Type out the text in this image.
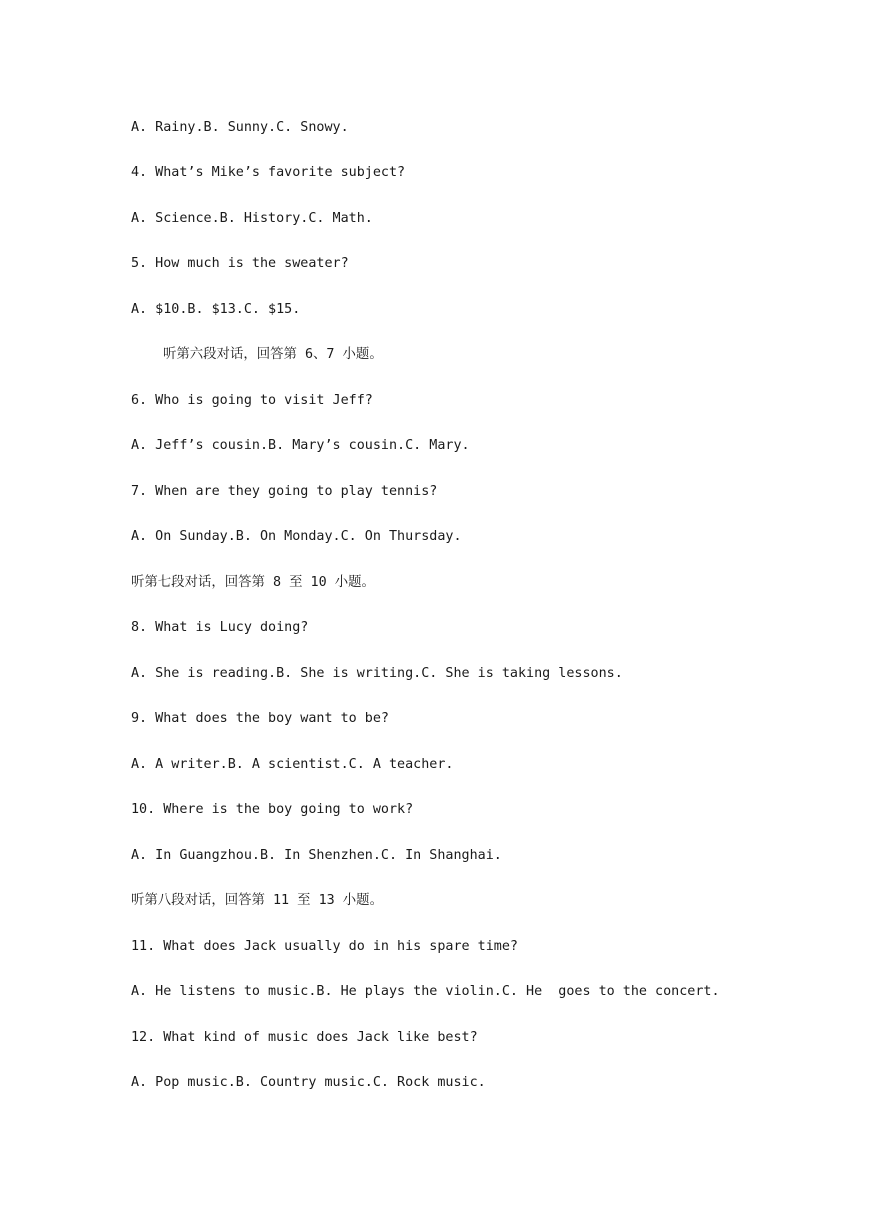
A. Rainy.B. Sunny.C. Snowy.

4. What’s Mike’s favorite subject?

A. Science.B. History.C. Math.

5. How much is the sweater?

A. $10.B. $13.C. $15.

听第六段对话，回答第 6、7 小题。

6. Who is going to visit Jeff?

A. Jeff’s cousin.B. Mary’s cousin.C. Mary.

7. When are they going to play tennis?

A. On Sunday.B. On Monday.C. On Thursday.

听第七段对话，回答第 8 至 10 小题。

8. What is Lucy doing?

A. She is reading.B. She is writing.C. She is taking lessons.

9. What does the boy want to be?

A. A writer.B. A scientist.C. A teacher.

10. Where is the boy going to work?

A. In Guangzhou.B. In Shenzhen.C. In Shanghai.

听第八段对话，回答第 11 至 13 小题。

11. What does Jack usually do in his spare time?

A. He listens to music.B. He plays the violin.C. He  goes to the concert.

12. What kind of music does Jack like best?

A. Pop music.B. Country music.C. Rock music.
